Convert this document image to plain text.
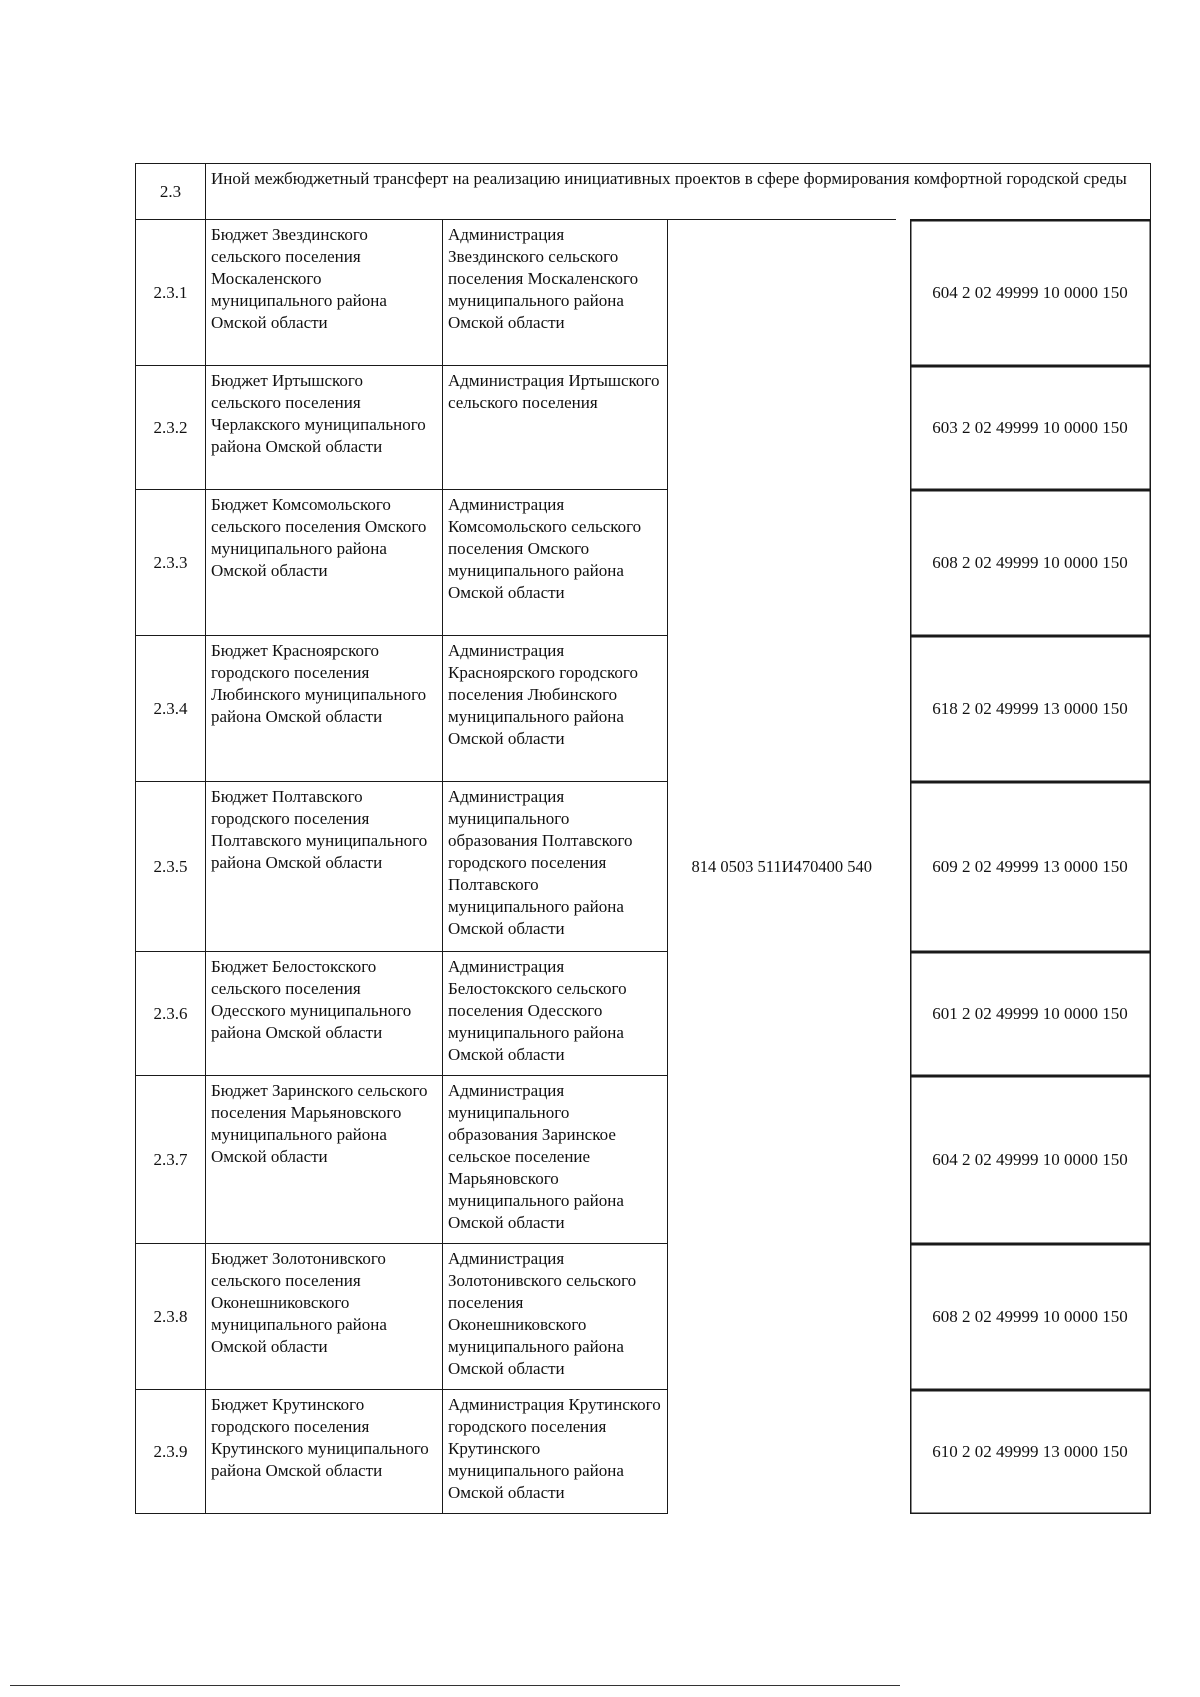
2.3	Иной межбюджетный трансферт на реализацию инициативных проектов в сфере формирования комфортной городской среды			
2.3.1	Бюджет Звездинского сельского поселения Москаленского муниципального района Омской области	Администрация Звездинского сельского поселения Москаленского муниципального района Омской области	814 0503 511И470400 540	604 2 02 49999 10 0000 150
2.3.2	Бюджет Иртышского сельского поселения Черлакского муниципального района Омской области	Администрация Иртышского сельского поселения		603 2 02 49999 10 0000 150
2.3.3	Бюджет Комсомольского сельского поселения Омского муниципального района Омской области	Администрация Комсомольского сельского поселения Омского муниципального района Омской области		608 2 02 49999 10 0000 150
2.3.4	Бюджет Красноярского городского поселения Любинского муниципального района Омской области	Администрация Красноярского городского поселения Любинского муниципального района Омской области		618 2 02 49999 13 0000 150
2.3.5	Бюджет Полтавского городского поселения Полтавского муниципального района Омской области	Администрация муниципального образования Полтавского городского поселения Полтавского муниципального района Омской области		609 2 02 49999 13 0000 150
2.3.6	Бюджет Белостокского сельского поселения Одесского муниципального района Омской области	Администрация Белостокского сельского поселения Одесского муниципального района Омской области		601 2 02 49999 10 0000 150
2.3.7	Бюджет Заринского сельского поселения Марьяновского муниципального района Омской области	Администрация муниципального образования Заринское сельское поселение Марьяновского муниципального района Омской области		604 2 02 49999 10 0000 150
2.3.8	Бюджет Золотонивского сельского поселения Оконешниковского муниципального района Омской области	Администрация Золотонивского сельского поселения Оконешниковского муниципального района Омской области		608 2 02 49999 10 0000 150
2.3.9	Бюджет Крутинского городского поселения Крутинского муниципального района Омской области	Администрация Крутинского городского поселения Крутинского муниципального района Омской области		610 2 02 49999 13 0000 150
